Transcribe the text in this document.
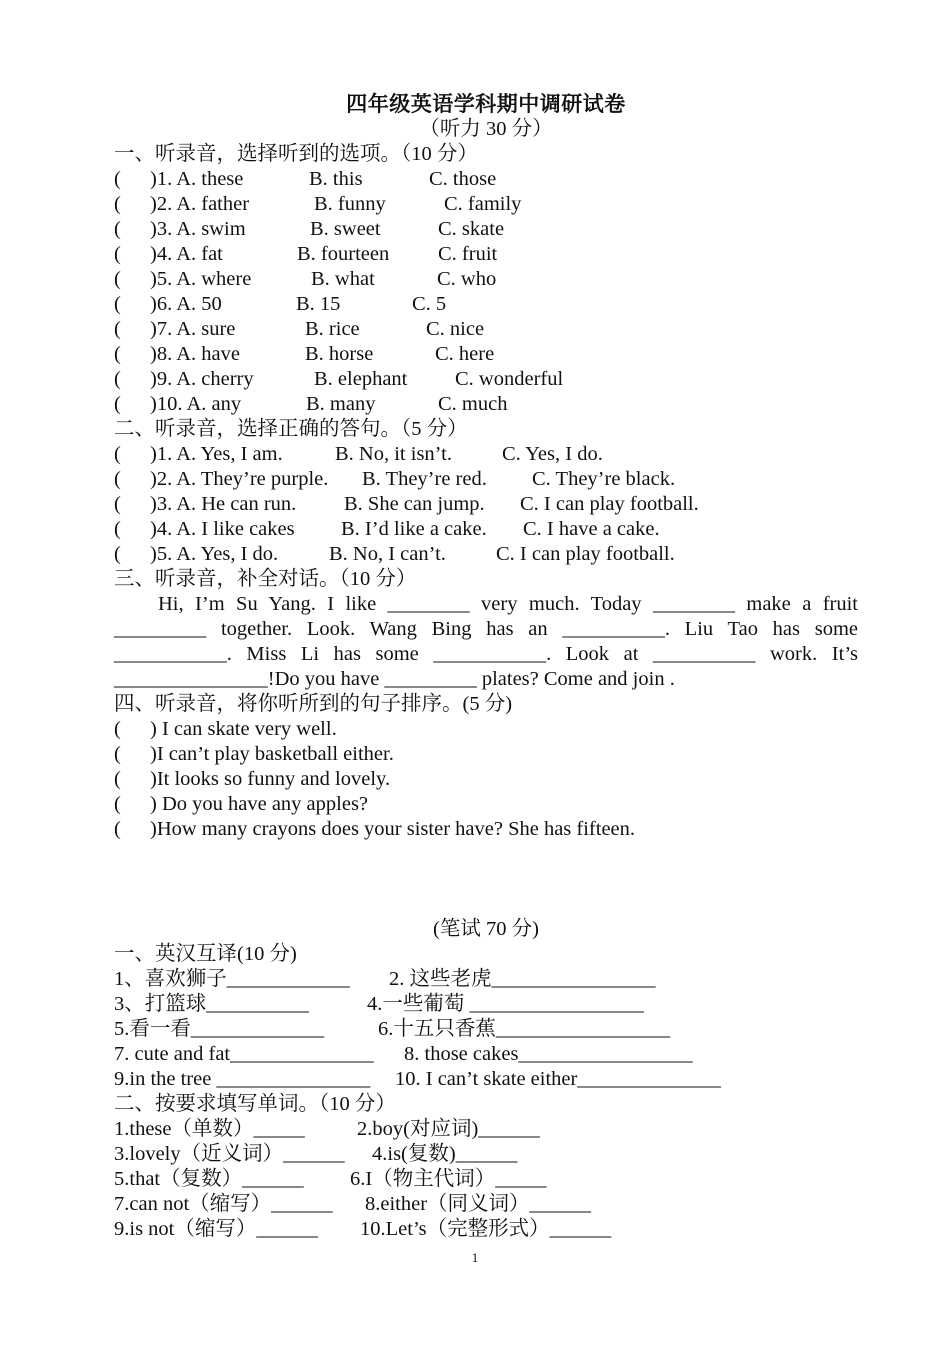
四年级英语学科期中调研试卷
（听力 30 分）
一、听录音，选择听到的选项。（10 分）
(	)1. A. these	B. this	C. those
(	)2. A. father	B. funny	C. family
(	)3. A. swim	B. sweet	C. skate
(	)4. A. fat	B. fourteen	C. fruit
(	)5. A. where	B. what	C. who
(	)6. A. 50	B. 15	C. 5
(	)7. A. sure	B. rice	C. nice
(	)8. A. have	B. horse	C. here
(	)9. A. cherry	B. elephant	C. wonderful
(	)10. A. any	B. many	C. much
二、听录音，选择正确的答句。（5 分）
(	)1. A. Yes, I am.	B. No, it isn’t.	C. Yes, I do.
(	)2. A. They’re purple.	B. They’re red.	C. They’re black.
(	)3. A. He can run.	B. She can jump.	C. I can play football.
(	)4. A. I like cakes	B. I’d like a cake.	C. I have a cake.
(	)5. A. Yes, I do.	B. No, I can’t.	C. I can play football.
三、听录音，补全对话。（10 分）
Hi, I’m Su Yang. I like ________ very much. Today ________ make a fruit
_________ together. Look. Wang Bing has an __________. Liu Tao has some
___________. Miss Li has some ___________. Look at __________ work. It’s
_______________!Do you have _________ plates? Come and join .
四、听录音，将你听所到的句子排序。(5 分)
(	) I can skate very well.
(	)I can’t play basketball either.
(	)It looks so funny and lovely.
(	) Do you have any apples?
(	)How many crayons does your sister have? She has fifteen.
(笔试 70 分)
一、英汉互译(10 分)
1、喜欢狮子____________	2. 这些老虎________________
3、打篮球__________	4.一些葡萄 _________________
5.看一看_____________	6.十五只香蕉_________________
7. cute and fat______________	8. those cakes_________________
9.in the tree _______________	10. I can’t skate either______________
二、按要求填写单词。（10 分）
1.these（单数）_____	2.boy(对应词)______
3.lovely（近义词）______	4.is(复数)______
5.that（复数）______	6.I（物主代词）_____
7.can not（缩写）______	8.either（同义词）______
9.is not（缩写）______	10.Let’s（完整形式）______
1
